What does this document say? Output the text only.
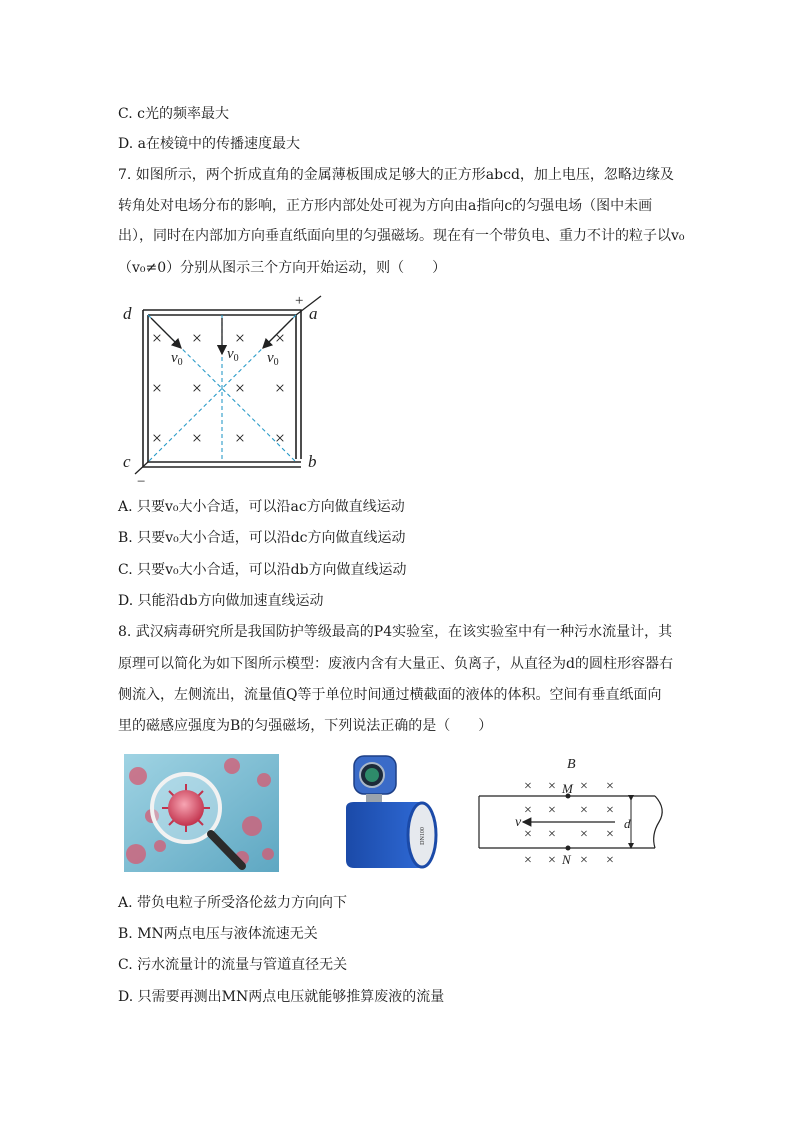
C. c光的频率最大
D. a在棱镜中的传播速度最大
7. 如图所示，两个折成直角的金属薄板围成足够大的正方形abcd，加上电压，忽略边缘及
转角处对电场分布的影响，正方形内部处处可视为方向由a指向c的匀强电场（图中未画
出），同时在内部加方向垂直纸面向里的匀强磁场。现在有一个带负电、重力不计的粒子以v₀
（v₀≠0）分别从图示三个方向开始运动，则（　　）
× × × ×
× × × ×
× × × ×
$v_0$
$v_0$ $v_0$
d	a
c	b
+
−
A. 只要v₀大小合适，可以沿ac方向做直线运动
B. 只要v₀大小合适，可以沿dc方向做直线运动
C. 只要v₀大小合适，可以沿db方向做直线运动
D. 只能沿db方向做加速直线运动
8. 武汉病毒研究所是我国防护等级最高的P4实验室，在该实验室中有一种污水流量计，其
原理可以简化为如下图所示模型：废液内含有大量正、负离子，从直径为d的圆柱形容器右
侧流入，左侧流出，流量值Q等于单位时间通过横截面的液体的体积。空间有垂直纸面向
里的磁感应强度为B的匀强磁场，下列说法正确的是（　　）
DN100
B
× × × ×
× × × ×
× × × ×
× × × ×
M
N
v	d
A. 带负电粒子所受洛伦兹力方向向下
B. MN两点电压与液体流速无关
C. 污水流量计的流量与管道直径无关
D. 只需要再测出MN两点电压就能够推算废液的流量
